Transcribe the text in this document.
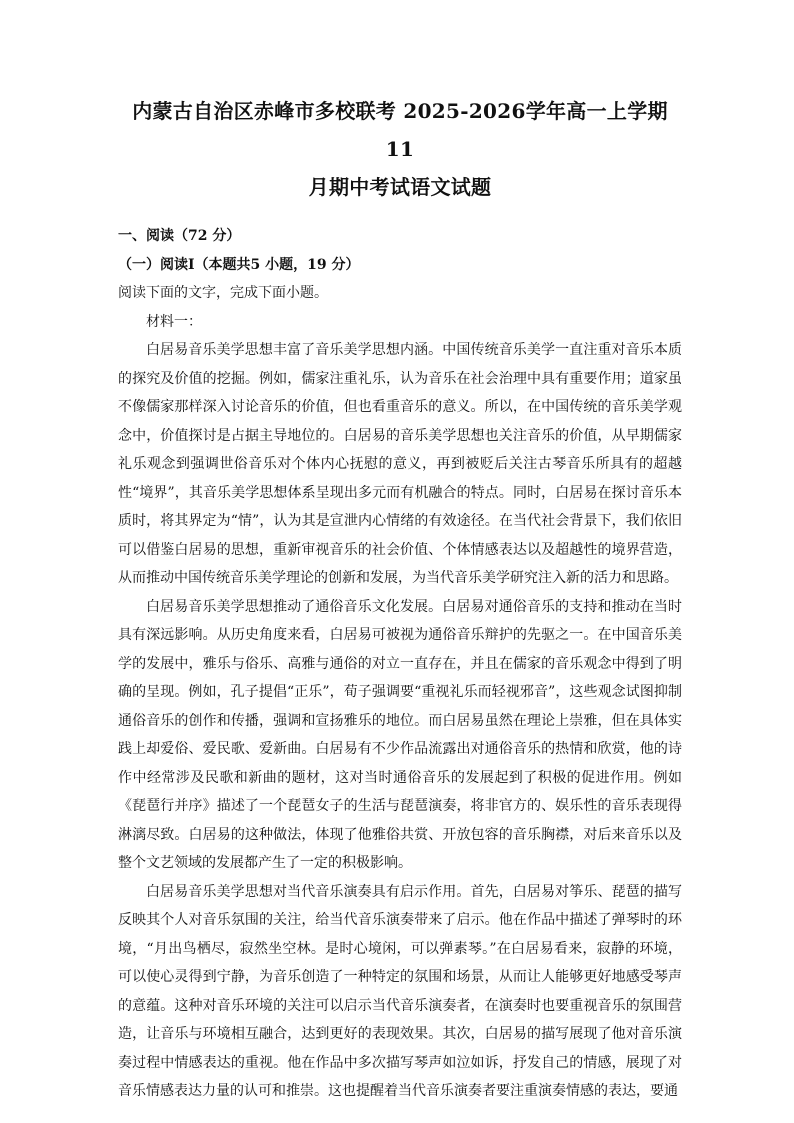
内蒙古自治区赤峰市多校联考 2025-2026学年高一上学期11
月期中考试语文试题

一、阅读（72 分）

（一）阅读Ⅰ（本题共5 小题，19 分）

阅读下面的文字，完成下面小题。

材料一：

白居易音乐美学思想丰富了音乐美学思想内涵。中国传统音乐美学一直注重对音乐本质的探究及价值的挖掘。例如，儒家注重礼乐，认为音乐在社会治理中具有重要作用；道家虽不像儒家那样深入讨论音乐的价值，但也看重音乐的意义。所以，在中国传统的音乐美学观念中，价值探讨是占据主导地位的。白居易的音乐美学思想也关注音乐的价值，从早期儒家礼乐观念到强调世俗音乐对个体内心抚慰的意义，再到被贬后关注古琴音乐所具有的超越性“境界”，其音乐美学思想体系呈现出多元而有机融合的特点。同时，白居易在探讨音乐本质时，将其界定为“情”，认为其是宣泄内心情绪的有效途径。在当代社会背景下，我们依旧可以借鉴白居易的思想，重新审视音乐的社会价值、个体情感表达以及超越性的境界营造，从而推动中国传统音乐美学理论的创新和发展，为当代音乐美学研究注入新的活力和思路。

白居易音乐美学思想推动了通俗音乐文化发展。白居易对通俗音乐的支持和推动在当时具有深远影响。从历史角度来看，白居易可被视为通俗音乐辩护的先驱之一。在中国音乐美学的发展中，雅乐与俗乐、高雅与通俗的对立一直存在，并且在儒家的音乐观念中得到了明确的呈现。例如，孔子提倡“正乐”，荀子强调要“重视礼乐而轻视邪音”，这些观念试图抑制通俗音乐的创作和传播，强调和宣扬雅乐的地位。而白居易虽然在理论上崇雅，但在具体实践上却爱俗、爱民歌、爱新曲。白居易有不少作品流露出对通俗音乐的热情和欣赏，他的诗作中经常涉及民歌和新曲的题材，这对当时通俗音乐的发展起到了积极的促进作用。例如《琵琶行并序》描述了一个琵琶女子的生活与琵琶演奏，将非官方的、娱乐性的音乐表现得淋漓尽致。白居易的这种做法，体现了他雅俗共赏、开放包容的音乐胸襟，对后来音乐以及整个文艺领域的发展都产生了一定的积极影响。

白居易音乐美学思想对当代音乐演奏具有启示作用。首先，白居易对筝乐、琵琶的描写反映其个人对音乐氛围的关注，给当代音乐演奏带来了启示。他在作品中描述了弹琴时的环境，“月出鸟栖尽，寂然坐空林。是时心境闲，可以弹素琴。”在白居易看来，寂静的环境，可以使心灵得到宁静，为音乐创造了一种特定的氛围和场景，从而让人能够更好地感受琴声的意蕴。这种对音乐环境的关注可以启示当代音乐演奏者，在演奏时也要重视音乐的氛围营造，让音乐与环境相互融合，达到更好的表现效果。其次，白居易的描写展现了他对音乐演奏过程中情感表达的重视。他在作品中多次描写琴声如泣如诉，抒发自己的情感，展现了对音乐情感表达力量的认可和推崇。这也提醒着当代音乐演奏者要注重演奏情感的表达，要通
